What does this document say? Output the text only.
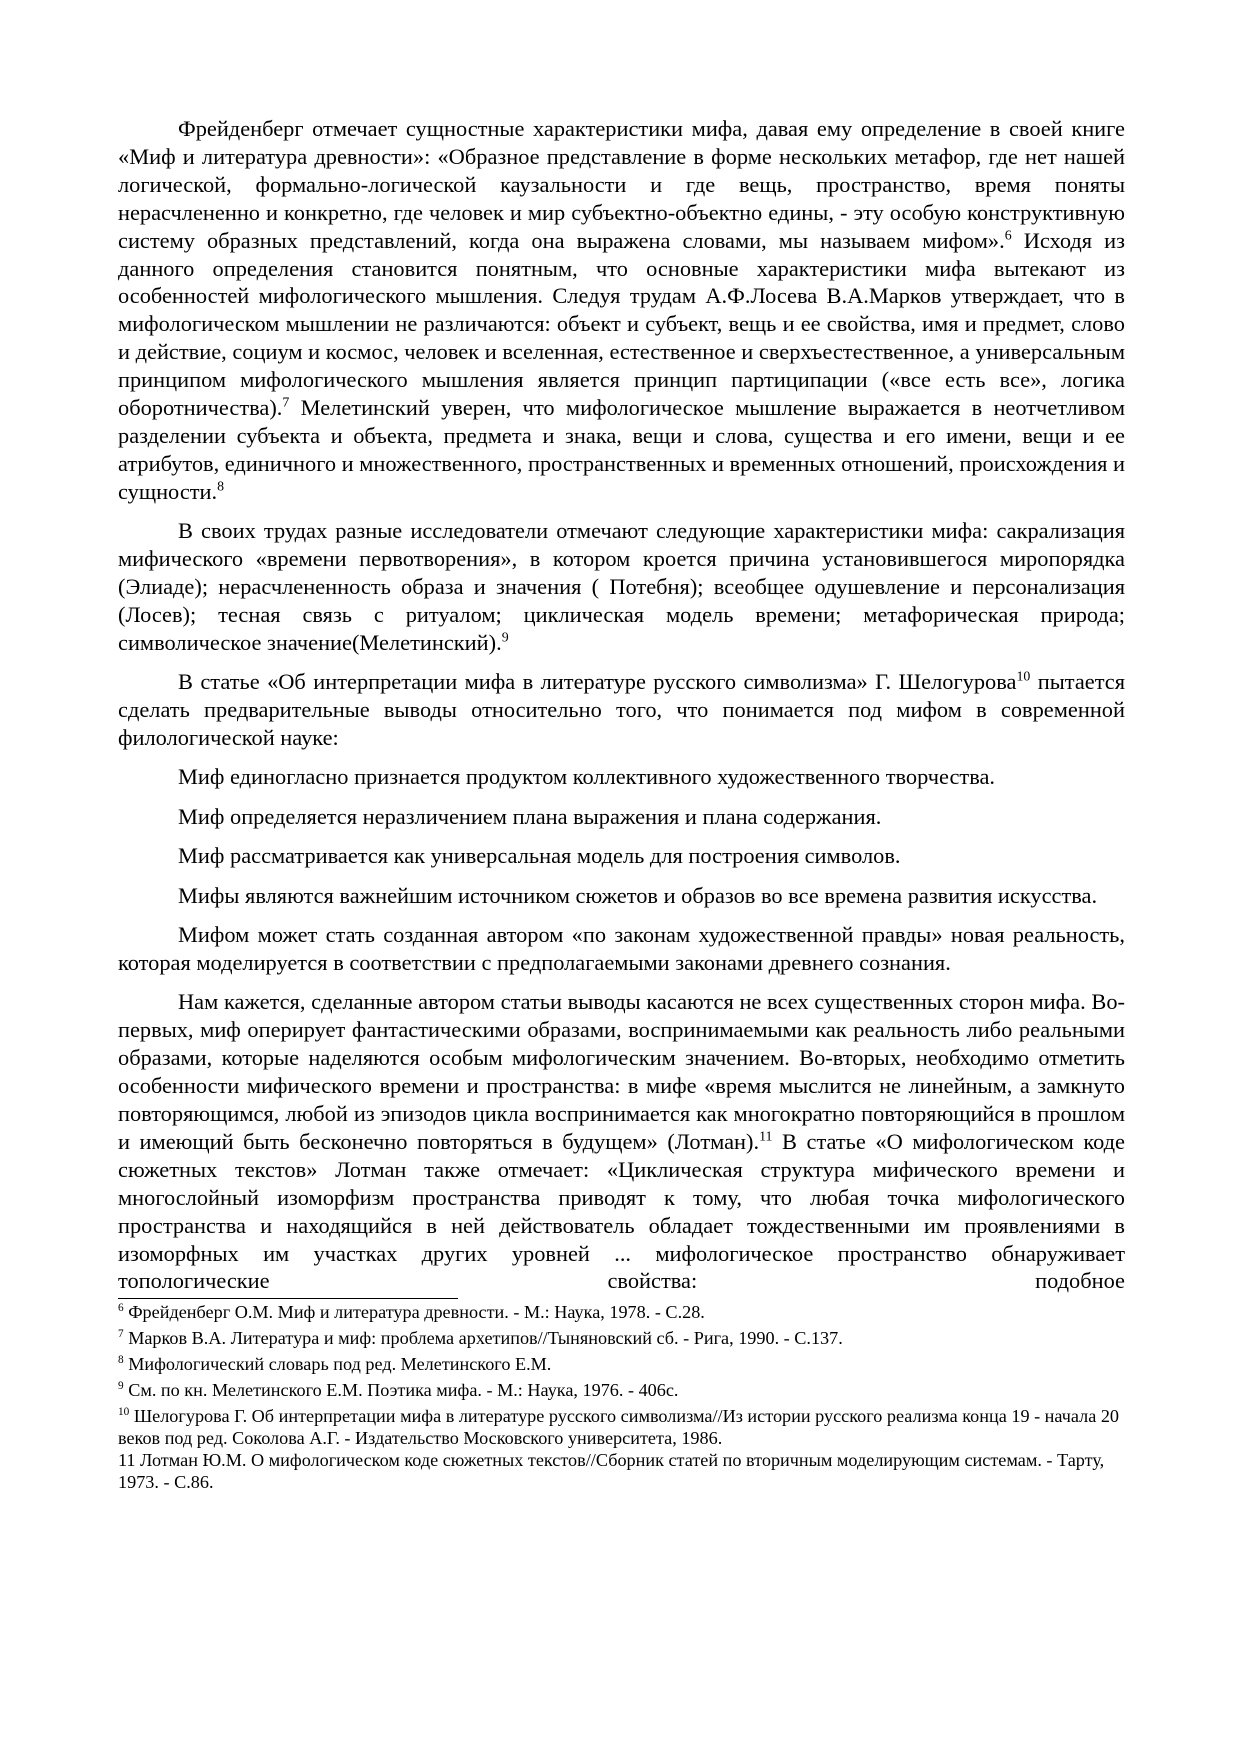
Фрейденберг отмечает сущностные характеристики мифа, давая ему определение в своей книге «Миф и литература древности»: «Образное представление в форме нескольких метафор, где нет нашей логической, формально-логической каузальности и где вещь, пространство, время поняты нерасчлененно и конкретно, где человек и мир субъектно-объектно едины, - эту особую конструктивную систему образных представлений, когда она выражена словами, мы называем мифом».$^6$ Исходя из данного определения становится понятным, что основные характеристики мифа вытекают из особенностей мифологического мышления. Следуя трудам А.Ф.Лосева В.А.Марков утверждает, что в мифологическом мышлении не различаются: объект и субъект, вещь и ее свойства, имя и предмет, слово и действие, социум и космос, человек и вселенная, естественное и сверхъестественное, а универсальным принципом мифологического мышления является принцип партиципации («все есть все», логика оборотничества).$^7$ Мелетинский уверен, что мифологическое мышление выражается в неотчетливом разделении субъекта и объекта, предмета и знака, вещи и слова, существа и его имени, вещи и ее атрибутов, единичного и множественного, пространственных и временных отношений, происхождения и сущности.$^8$

В своих трудах разные исследователи отмечают следующие характеристики мифа: сакрализация мифического «времени первотворения», в котором кроется причина установившегося миропорядка (Элиаде); нерасчлененность образа и значения ( Потебня); всеобщее одушевление и персонализация (Лосев); тесная связь с ритуалом; циклическая модель времени; метафорическая природа; символическое значение(Мелетинский).$^9$

В статье «Об интерпретации мифа в литературе русского символизма» Г. Шелогурова$^{10}$ пытается сделать предварительные выводы относительно того, что понимается под мифом в современной филологической науке:

Миф единогласно признается продуктом коллективного художественного творчества.

Миф определяется неразличением плана выражения и плана содержания.

Миф рассматривается как универсальная модель для построения символов.

Мифы являются важнейшим источником сюжетов и образов во все времена развития искусства.

Мифом может стать созданная автором «по законам художественной правды» новая реальность, которая моделируется в соответствии с предполагаемыми законами древнего сознания.

Нам кажется, сделанные автором статьи выводы касаются не всех существенных сторон мифа. Во-первых, миф оперирует фантастическими образами, воспринимаемыми как реальность либо реальными образами, которые наделяются особым мифологическим значением. Во-вторых, необходимо отметить особенности мифического времени и пространства: в мифе «время мыслится не линейным, а замкнуто повторяющимся, любой из эпизодов цикла воспринимается как многократно повторяющийся в прошлом и имеющий быть бесконечно повторяться в будущем» (Лотман).$^{11}$ В статье «О мифологическом коде сюжетных текстов» Лотман также отмечает: «Циклическая структура мифического времени и многослойный изоморфизм пространства приводят к тому, что любая точка мифологического пространства и находящийся в ней действователь обладает тождественными им проявлениями в изоморфных им участках других уровней ... мифологическое пространство обнаруживает топологические свойства: подобное

$^6$ Фрейденберг О.М. Миф и литература древности. - М.: Наука, 1978. - С.28.
$^7$ Марков В.А. Литература и миф: проблема архетипов//Тыняновский сб. - Рига, 1990. - С.137.
$^8$ Мифологический словарь под ред. Мелетинского Е.М.
$^9$ См. по кн. Мелетинского Е.М. Поэтика мифа. - М.: Наука, 1976. - 406с.
$^{10}$ Шелогурова Г. Об интерпретации мифа в литературе русского символизма//Из истории русского реализма конца 19 - начала 20 веков под ред. Соколова А.Г. - Издательство Московского университета, 1986.
11 Лотман Ю.М. О мифологическом коде сюжетных текстов//Сборник статей по вторичным моделирующим системам. - Тарту, 1973. - С.86.
